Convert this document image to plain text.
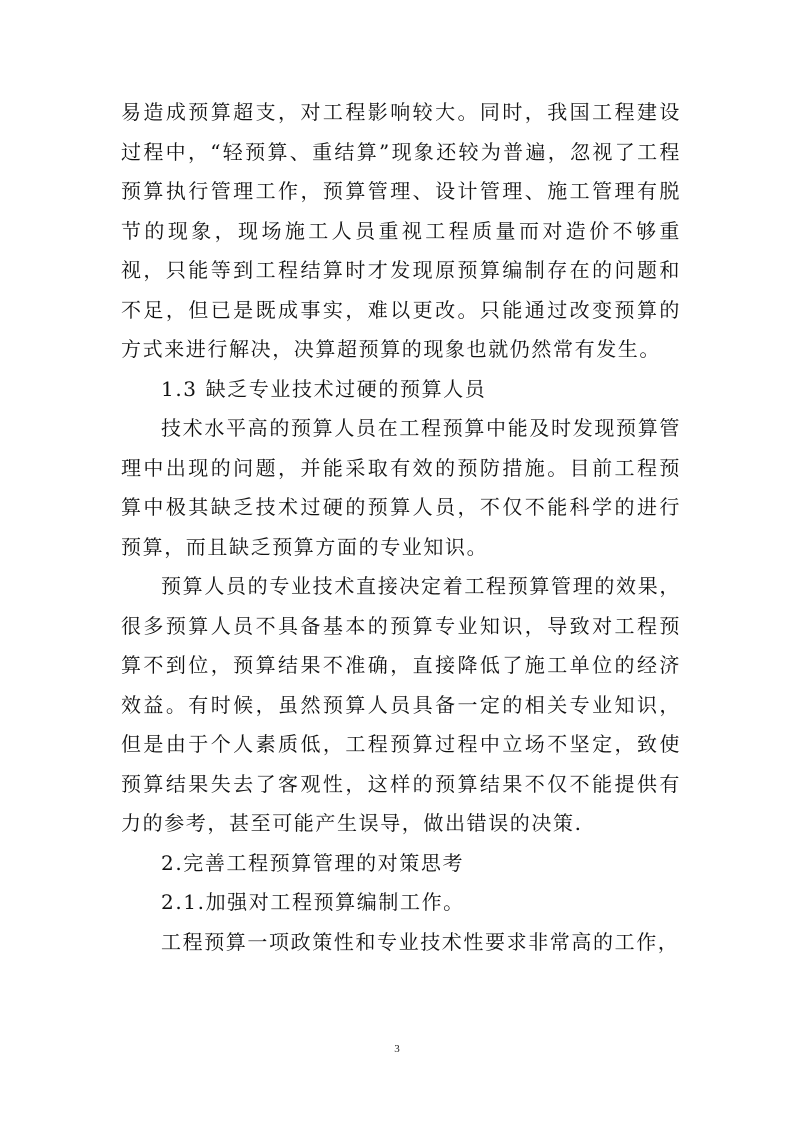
易造成预算超支，对工程影响较大。同时，我国工程建设过程中，“轻预算、重结算”现象还较为普遍，忽视了工程预算执行管理工作，预算管理、设计管理、施工管理有脱节的现象，现场施工人员重视工程质量而对造价不够重视，只能等到工程结算时才发现原预算编制存在的问题和不足，但已是既成事实，难以更改。只能通过改变预算的方式来进行解决，决算超预算的现象也就仍然常有发生。

1.3 缺乏专业技术过硬的预算人员

技术水平高的预算人员在工程预算中能及时发现预算管理中出现的问题，并能采取有效的预防措施。目前工程预算中极其缺乏技术过硬的预算人员，不仅不能科学的进行预算，而且缺乏预算方面的专业知识。

预算人员的专业技术直接决定着工程预算管理的效果，很多预算人员不具备基本的预算专业知识，导致对工程预算不到位，预算结果不准确，直接降低了施工单位的经济效益。有时候，虽然预算人员具备一定的相关专业知识，但是由于个人素质低，工程预算过程中立场不坚定，致使预算结果失去了客观性，这样的预算结果不仅不能提供有力的参考，甚至可能产生误导，做出错误的决策.

2.完善工程预算管理的对策思考

2.1.加强对工程预算编制工作。

工程预算一项政策性和专业技术性要求非常高的工作，

3
